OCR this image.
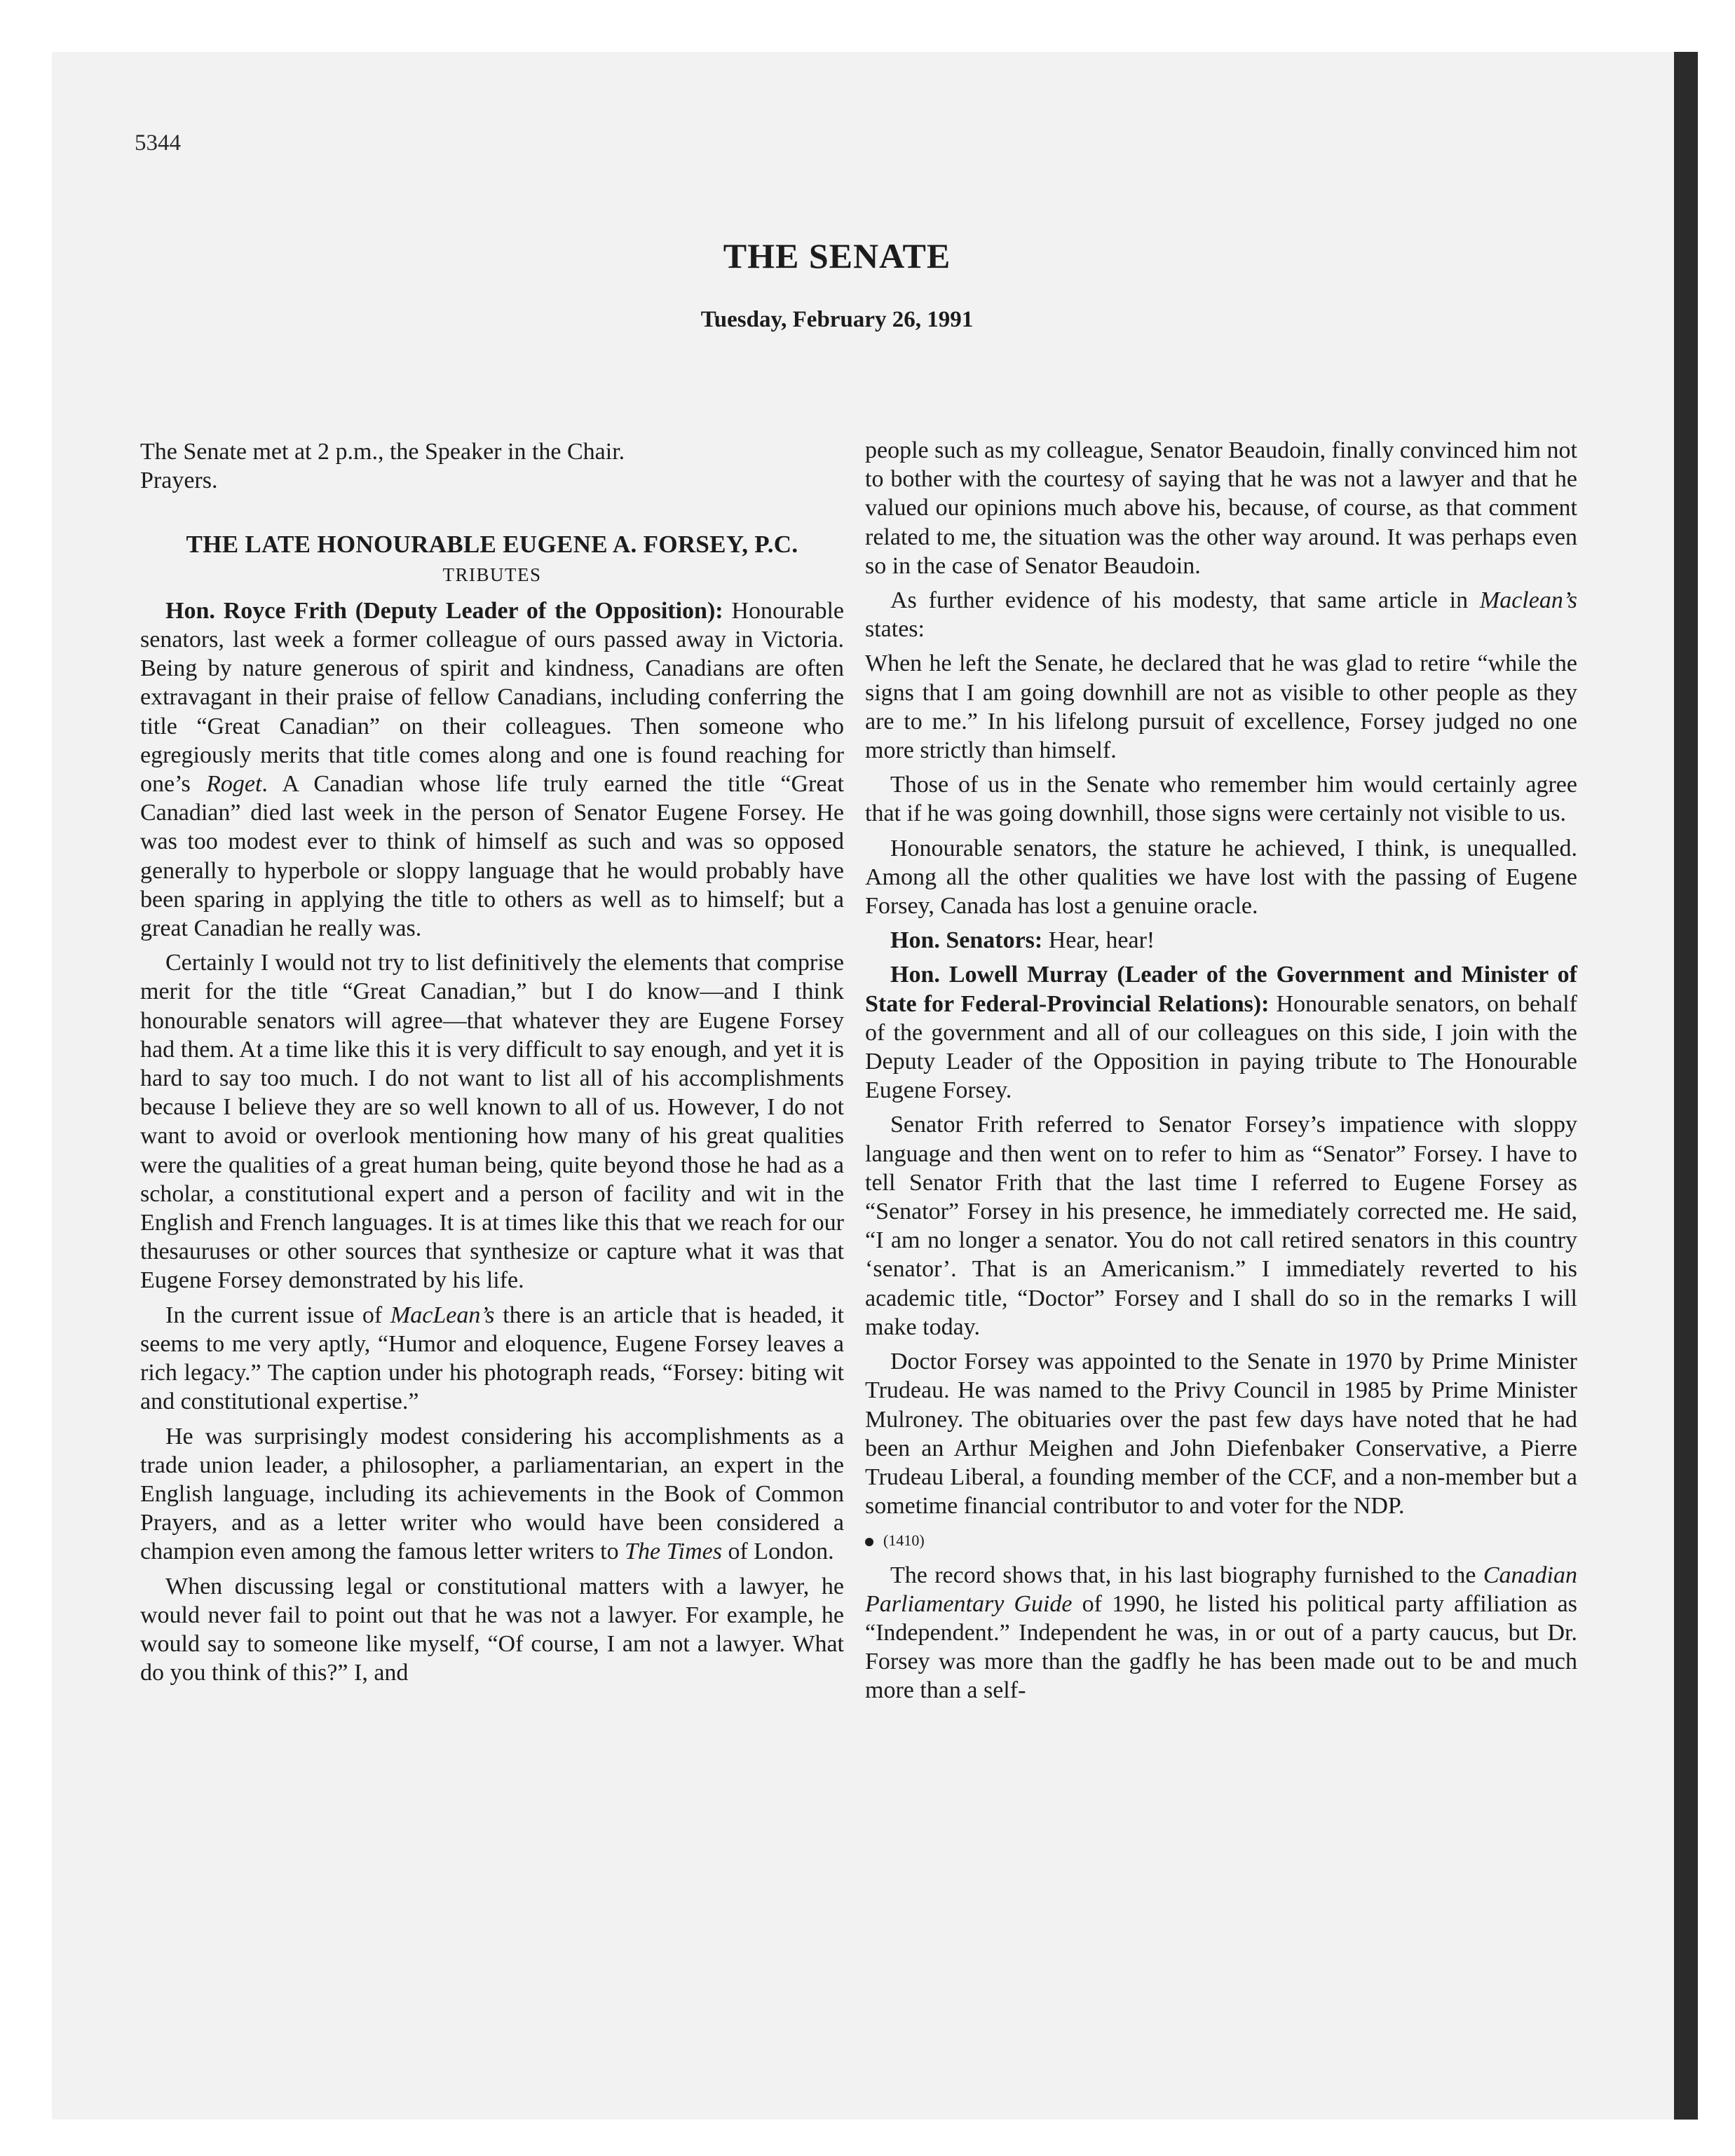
5344
THE SENATE
Tuesday, February 26, 1991

The Senate met at 2 p.m., the Speaker in the Chair.

Prayers.

THE LATE HONOURABLE EUGENE A. FORSEY, P.C.
TRIBUTES

Hon. Royce Frith (Deputy Leader of the Opposition): Honourable senators, last week a former colleague of ours passed away in Victoria. Being by nature generous of spirit and kindness, Canadians are often extravagant in their praise of fellow Canadians, including conferring the title “Great Canadian” on their colleagues. Then someone who egregiously merits that title comes along and one is found reaching for one’s Roget. A Canadian whose life truly earned the title “Great Canadian” died last week in the person of Senator Eugene Forsey. He was too modest ever to think of himself as such and was so opposed generally to hyperbole or sloppy language that he would probably have been sparing in applying the title to others as well as to himself; but a great Canadian he really was.

Certainly I would not try to list definitively the elements that comprise merit for the title “Great Canadian,” but I do know—and I think honourable senators will agree—that whatever they are Eugene Forsey had them. At a time like this it is very difficult to say enough, and yet it is hard to say too much. I do not want to list all of his accomplishments because I believe they are so well known to all of us. However, I do not want to avoid or overlook mentioning how many of his great qualities were the qualities of a great human being, quite beyond those he had as a scholar, a constitutional expert and a person of facility and wit in the English and French languages. It is at times like this that we reach for our thesauruses or other sources that synthesize or capture what it was that Eugene Forsey demonstrated by his life.

In the current issue of MacLean’s there is an article that is headed, it seems to me very aptly, “Humor and eloquence, Eugene Forsey leaves a rich legacy.” The caption under his photograph reads, “Forsey: biting wit and constitutional expertise.”

He was surprisingly modest considering his accomplishments as a trade union leader, a philosopher, a parliamentarian, an expert in the English language, including its achievements in the Book of Common Prayers, and as a letter writer who would have been considered a champion even among the famous letter writers to The Times of London.

When discussing legal or constitutional matters with a lawyer, he would never fail to point out that he was not a lawyer. For example, he would say to someone like myself, “Of course, I am not a lawyer. What do you think of this?” I, and

people such as my colleague, Senator Beaudoin, finally convinced him not to bother with the courtesy of saying that he was not a lawyer and that he valued our opinions much above his, because, of course, as that comment related to me, the situation was the other way around. It was perhaps even so in the case of Senator Beaudoin.

As further evidence of his modesty, that same article in Maclean’s states:

When he left the Senate, he declared that he was glad to retire “while the signs that I am going downhill are not as visible to other people as they are to me.” In his lifelong pursuit of excellence, Forsey judged no one more strictly than himself.

Those of us in the Senate who remember him would certainly agree that if he was going downhill, those signs were certainly not visible to us.

Honourable senators, the stature he achieved, I think, is unequalled. Among all the other qualities we have lost with the passing of Eugene Forsey, Canada has lost a genuine oracle.

Hon. Senators: Hear, hear!

Hon. Lowell Murray (Leader of the Government and Minister of State for Federal-Provincial Relations): Honourable senators, on behalf of the government and all of our colleagues on this side, I join with the Deputy Leader of the Opposition in paying tribute to The Honourable Eugene Forsey.

Senator Frith referred to Senator Forsey’s impatience with sloppy language and then went on to refer to him as “Senator” Forsey. I have to tell Senator Frith that the last time I referred to Eugene Forsey as “Senator” Forsey in his presence, he immediately corrected me. He said, “I am no longer a senator. You do not call retired senators in this country ‘senator’. That is an Americanism.” I immediately reverted to his academic title, “Doctor” Forsey and I shall do so in the remarks I will make today.

Doctor Forsey was appointed to the Senate in 1970 by Prime Minister Trudeau. He was named to the Privy Council in 1985 by Prime Minister Mulroney. The obituaries over the past few days have noted that he had been an Arthur Meighen and John Diefenbaker Conservative, a Pierre Trudeau Liberal, a founding member of the CCF, and a non-member but a sometime financial contributor to and voter for the NDP.

(1410)

The record shows that, in his last biography furnished to the Canadian Parliamentary Guide of 1990, he listed his political party affiliation as “Independent.” Independent he was, in or out of a party caucus, but Dr. Forsey was more than the gadfly he has been made out to be and much more than a self-
